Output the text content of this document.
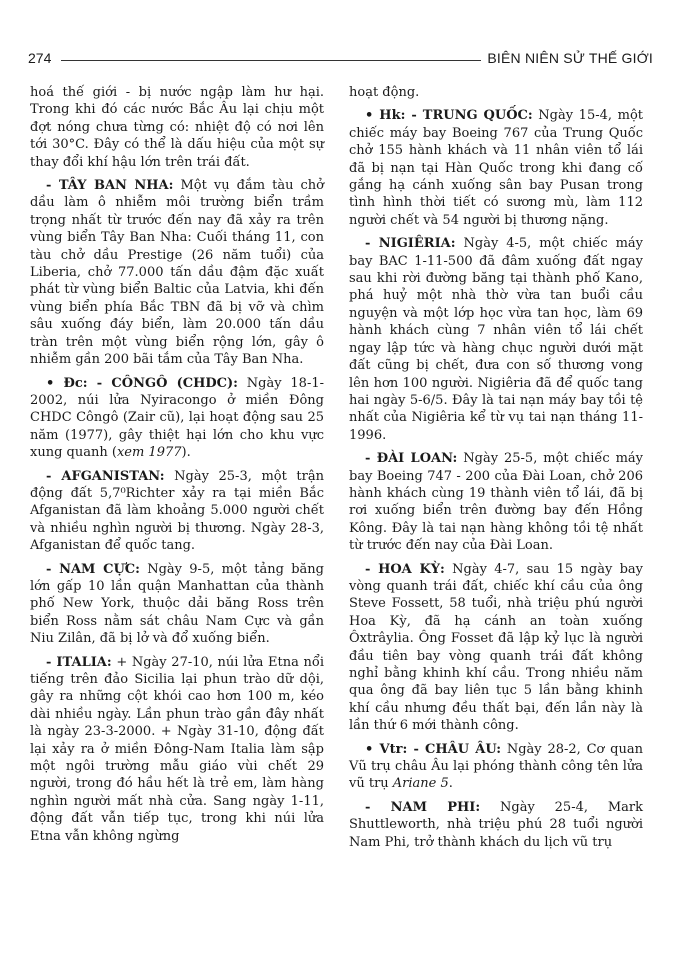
274	BIÊN NIÊN SỬ THẾ GIỚI

hoá thế giới - bị nước ngập làm hư hại. Trong khi đó các nước Bắc Âu lại chịu một đợt nóng chưa từng có: nhiệt độ có nơi lên tới 30°C. Đây có thể là dấu hiệu của một sự thay đổi khí hậu lớn trên trái đất.

- TÂY BAN NHA: Một vụ đắm tàu chở dầu làm ô nhiễm môi trường biển trầm trọng nhất từ trước đến nay đã xảy ra trên vùng biển Tây Ban Nha: Cuối tháng 11, con tàu chở dầu Prestige (26 năm tuổi) của Liberia, chở 77.000 tấn dầu đậm đặc xuất phát từ vùng biển Baltic của Latvia, khi đến vùng biển phía Bắc TBN đã bị vỡ và chìm sâu xuống đáy biển, làm 20.000 tấn dầu tràn trên một vùng biển rộng lớn, gây ô nhiễm gần 200 bãi tắm của Tây Ban Nha.

• Đc: - CÔNGÔ (CHDC): Ngày 18-1-2002, núi lửa Nyiracongo ở miền Đông CHDC Côngô (Zair cũ), lại hoạt động sau 25 năm (1977), gây thiệt hại lớn cho khu vực xung quanh (xem 1977).

- AFGANISTAN: Ngày 25-3, một trận động đất 5,7⁰Richter xảy ra tại miền Bắc Afganistan đã làm khoảng 5.000 người chết và nhiều nghìn người bị thương. Ngày 28-3, Afganistan để quốc tang.

- NAM CỰC: Ngày 9-5, một tảng băng lớn gấp 10 lần quận Manhattan của thành phố New York, thuộc dải băng Ross trên biển Ross nằm sát châu Nam Cực và gần Niu Zilân, đã bị lở và đổ xuống biển.

- ITALIA: + Ngày 27-10, núi lửa Etna nổi tiếng trên đảo Sicilia lại phun trào dữ dội, gây ra những cột khói cao hơn 100 m, kéo dài nhiều ngày. Lần phun trào gần đây nhất là ngày 23-3-2000. + Ngày 31-10, động đất lại xảy ra ở miền Đông-Nam Italia làm sập một ngôi trường mẫu giáo vùi chết 29 người, trong đó hầu hết là trẻ em, làm hàng nghìn người mất nhà cửa. Sang ngày 1-11, động đất vẫn tiếp tục, trong khi núi lửa Etna vẫn không ngừng

hoạt động.

• Hk: - TRUNG QUỐC: Ngày 15-4, một chiếc máy bay Boeing 767 của Trung Quốc chở 155 hành khách và 11 nhân viên tổ lái đã bị nạn tại Hàn Quốc trong khi đang cố gắng hạ cánh xuống sân bay Pusan trong tình hình thời tiết có sương mù, làm 112 người chết và 54 người bị thương nặng.

- NIGIÊRIA: Ngày 4-5, một chiếc máy bay BAC 1-11-500 đã đâm xuống đất ngay sau khi rời đường băng tại thành phố Kano, phá huỷ một nhà thờ vừa tan buổi cầu nguyện và một lớp học vừa tan học, làm 69 hành khách cùng 7 nhân viên tổ lái chết ngay lập tức và hàng chục người dưới mặt đất cũng bị chết, đưa con số thương vong lên hơn 100 người. Nigiêria đã để quốc tang hai ngày 5-6/5. Đây là tai nạn máy bay tồi tệ nhất của Nigiêria kể từ vụ tai nạn tháng 11-1996.

- ĐÀI LOAN: Ngày 25-5, một chiếc máy bay Boeing 747 - 200 của Đài Loan, chở 206 hành khách cùng 19 thành viên tổ lái, đã bị rơi xuống biển trên đường bay đến Hồng Kông. Đây là tai nạn hàng không tồi tệ nhất từ trước đến nay của Đài Loan.

- HOA KỲ: Ngày 4-7, sau 15 ngày bay vòng quanh trái đất, chiếc khí cầu của ông Steve Fossett, 58 tuổi, nhà triệu phú người Hoa Kỳ, đã hạ cánh an toàn xuống Ôxtrâylia. Ông Fosset đã lập kỷ lục là người đầu tiên bay vòng quanh trái đất không nghỉ bằng khinh khí cầu. Trong nhiều năm qua ông đã bay liên tục 5 lần bằng khinh khí cầu nhưng đều thất bại, đến lần này là lần thứ 6 mới thành công.

• Vtr: - CHÂU ÂU: Ngày 28-2, Cơ quan Vũ trụ châu Âu lại phóng thành công tên lửa vũ trụ Ariane 5.

- NAM PHI: Ngày 25-4, Mark Shuttleworth, nhà triệu phú 28 tuổi người Nam Phi, trở thành khách du lịch vũ trụ
